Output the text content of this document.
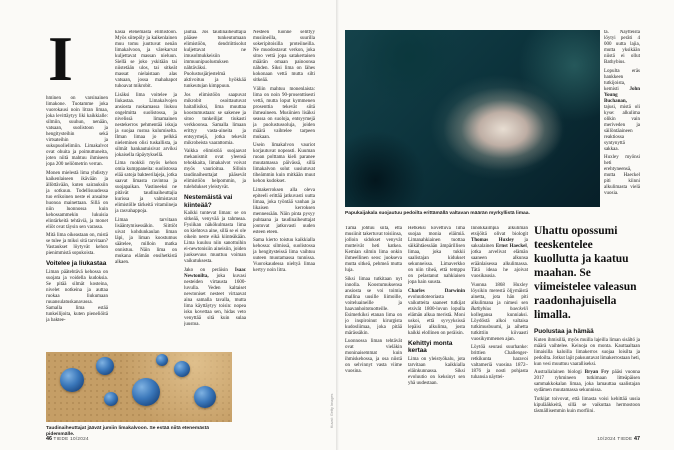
I

hminen on varsinainen limakone. Tuotamme joka vuorokausi noin litran limaa, joka levittäytyy liki kaikkialle: silmiin, suuhun, nenään, vatsaan, suolistoon ja hengitysteihin sekä virtsateihin ja sukupuolielimiin. Limakalvot ovat ohuita ja poimuttuneita, joten niitä mahtuu ihmiseen jopa 200 neliömetrin verran.

Monen mielestä lima yhdistyy kaikenlaiseen ikävään ja ällöttävään, kuten sairauksiin ja sotkuun. Todellisuudessa tuo erikoinen neste ei ansaitse huonoa mainettaan. Sillä on niin luonnossa kuin kehossammekin lukuisia elintärkeitä tehtäviä, ja monet eliöt ovat täysin sen varassa.

Mitä lima oikeastaan on, mistä se tulee ja miksi sitä tarvitaan? Vastaukset löytyvät kehon pienimmistä sopukoista.

Voitelee ja liukastaa

Liman päätehtävä kehossa on suojata ja voidella kudoksia. Se pitää silmät kosteina, nivelet notkeina ja auttaa ruokaa liukumaan ruuansulatuskanavassa. Samalla lima estää tunkeilijoita, kuten pieneliöitä ja baktee-

kasia etenemästä elimistöön. Myös siitepöly ja kaikenlainen muu tomu juuttuvat nenän limakalvoon, ja värekarvat kuljettavat massan nieluun. Siellä se joko yskitään tai niistetään ulos, tai sitkeät massat nielaistaan alas vatsaan, jossa mahahapot tuhoavat mikrobit.

Lisäksi lima voitelee ja liukastaa. Limakalvojen ansiosta ruokamassa liukuu ongelmitta suolistossa, ja nivelissä limamainen nestekerros pehmentää iskuja ja suojaa rustoa kulumiselta. Ilman limaa jo pelkkä nieleminen olisi tuskallista, ja silmät hankautuisivat arviksi jokaisella räpäytyksellä.

Lima ruokkii myös kehon omia kumppaneita: suolistossa elää satoja bakteerilajeja, jotka saavat limasta ravintoa ja suojapaikan. Vastineeksi ne pitävät taudinaiheuttajia kurissa ja valmistavat elimistölle tärkeitä vitamiineja ja rasvahappoja.

Limaa tarvitaan lisääntymisessäkin. Siittiöt uivat kohdunkaulan liman läpi, ja liman koostumus säätelee, milloin matka onnistuu. Näin lima on mukana elämän ensihetkistä alkaen.

jautua. Jos taudinaiheuttajia pääsee tunkeutumaan elimistöön, dendriittisolut kuljettavat ne imusolmukkeisiin immuunipuolustuksen nähtäväksi. Puolustusjärjestelmä aktivoituu ja hyökkää tunkeutujan kimppuun.

Jos elimistöön saapuvat mikrobit osoittautuvat haitallisiksi, lima muuttaa koostumustaan: se sakenee ja sitoo tunkeilijat tiukasti verkkoonsa. Samalla limaan erittyy vasta-aineita ja entsyymejä, jotka tekevät mikrobeista vaarattomia.

Vaikka elimistöä suojaavat mekanismit ovat yleensä tehokkaita, limakalvot voivat myös vaurioitua. Silloin taudinaiheuttajat pääsevät elimistöön helpommin, ja tulehdukset yleistyvät.

Nestemäistä vai kiinteää?

Kaikki tuntevat liman: se on sitkeää, venyvää ja tahmeaa. Fysiikan näkökulmasta lima on kiehtova aine, sillä se ei ole oikein neste eikä kiinteäkään. Lima kuuluu niin sanottuihin ei-newtonisiin aineisiin, joiden juoksevuus muuttuu voiman vaikutuksesta.

Jako on peräisin Isaac Newtonilta, joka kuvasi nesteiden virtausta 1600-luvulla. Veden kaltaiset newtoniset nesteet virtaavat aina samalla tavalla, mutta lima käyttäytyy toisin: nopea isku kovettaa sen, hidas veto venyttää sitä kuin sulaa juustoa.

Nesteen luonne selittyy musiineilla, suurilla sokeripitoisilla proteiineilla. Ne muodostavat verkon, joka sitoo vettä jopa satakertaisen määrän omaan painoonsa nähden. Siksi lima on lähes kokonaan vettä mutta silti sitkeää.

Väliin mahtuu monenlaista: lima on noin 90-prosenttisesti vettä, mutta loput kymmenen prosenttia tekevät siitä ihmeaineen. Musiinien lisäksi seassa on suoloja, entsyymejä ja puolustussoluja, joiden määrä vaihtelee tarpeen mukaan.

Usein limakalvon vauriot korjautuvat nopeasti. Kuuman ruoan polttama kieli paranee muutamassa päivässä, sillä limakalvon solut uusiutuvat tiheämmin kuin mitkään muut kehon kudokset.

Limakerroksen alla oleva epiteeli erittää jatkuvasti uutta limaa, joka työntää vanhan ja likaisen kerroksen mennessään. Näin pinta pysyy puhtaana ja taudinaiheuttajat joutuvat jatkuvasti uuden esteen eteen.

Sama kierto toistuu kaikkialla kehossa: silmissä, suolistossa ja hengitysteissä lima vaihtuu uuteen muutamassa tunnissa. Vuorokaudessa nieltyä limaa kertyy noin litra.

Taudinaiheuttajat jäävät jumiin limakalvoon. Se estää niitä etenemästä pidemmälle.
46 TIEDE 10/2024
Kuvat: Getty Images

tä. Näytteistä löytyi peräti 4 000 uutta lajia, mutta yksikään niistä ei ollut Bathybius.

Lopulta eräs hankkeen tutkijoista, kemisti John Young Buchanan, tajusi, mistä oli kyse: alkulima olikin vain meriveden ja säilöntäaineen reaktiossa syntynyttä sakkaa.

Huxley myönsi heti erehtyneensä, mutta Haeckel piti kiinni alkulimasta vielä vuosia.

Papukaijakala suojautuu pedoilta erittämällä valtavan määrän myrkyllistä limaa.

Tämä johtuu siitä, että musiinit takertuvat toisiinsa, jolloin sidokset venyvät mutteivät heti katkea. Kemian silmin lima onkin ihmeellinen seos: juokseva mutta sitkeä, pehmeä mutta luja.

Siksi limaa tutkitaan nyt innolla. Koostumuksensa ansiosta se voi toimia mallina uusille liimoille, voiteluaineille ja haavanhoitotuotteille. Esimerkiksi etanan lima on jo inspiroinut kirurgista kudosliimaa, joka pitää märässäkin.

Luonnossa liman tehtävät ovat vieläkin moninaisemmat kuin ihmiskehossa, ja osa niistä on selvinnyt vasta viime vuosina.

Hetkeksi kovettuva lima suojaa monia eläimiä. Limanahkiainen tuottaa säikähtäessään ämpärillisen limaa, joka tukkii saalistajan kidukset sekunneissa. Limaverkko on niin tiheä, että temppu on pelastanut nahkiaisen jopa hain suusta.

Charles Darwinin evoluutioteoriasta vaikutteita saaneet tutkijat etsivät 1800-luvun lopulla elämän alkua meristä. Moni uskoi, että syvyyksissä lepäisi alkulima, josta kaikki elollinen on peräisin.

Kehittyi monta kertaa

Lima on yleistyökalu, jota tarvitaan kaikkialla eläinkunnassa. Siksi evoluutio on keksinyt sen yhä uudestaan.

Innokkaimpia alkuliman etsijöitä olivat biologit Thomas Huxley ja saksalainen Ernst Haeckel, jotka arvelivat elämän saaneen alkunsa eräänlaisessa alkulimassa. Tätä ideaa he ajoivat vuosikausia.

Vuonna 1868 Huxley löysikin merestä öljymäistä ainetta, jota hän piti alkulimana ja nimesi sen Bathybius haeckelii kollegansa kunniaksi. Löydöstä alkoi valtaisa tutkimusbuumi, ja aihetta tutkittiin kiivaasti vuosikymmenen ajan.

Löytöä seurasi suurhanke: brittien Challenger-retkikunta haravoi valtameriä vuosina 1872–1876 ja nosti pohjasta tuhansia näyttei-

Uhattu opossumi teeskentelee kuollutta ja kaatuu maahan. Se viimeistelee valeasun raadonhajuisella limalla.
Puolustaa ja hämää

Kuten ihmisillä, myös muilla lajeilla liman sisältö ja määrä vaihtelee. Keinoja on monta. Kauttaaltaan limaisilla kaloilla limakerros suojaa loisilta ja pedoilta. Jotkut lajit paksuntavat limakerrostaan heti, kun vesi muuttuu vaaralliseksi.

Australialainen biologi Bryan Fry pääsi vuonna 2017 ryhmineen tutkimaan litteäpäisen sammakkokalan limaa, joka lamauttaa saalistajan sydämen muutamassa sekunnissa.

Tutkijat toivovat, että limasta voisi kehittää uusia kipulääkkeitä, sillä se vaikuttaa hermostoon täsmällisemmin kuin morfiini.

10/2024 TIEDE 47
